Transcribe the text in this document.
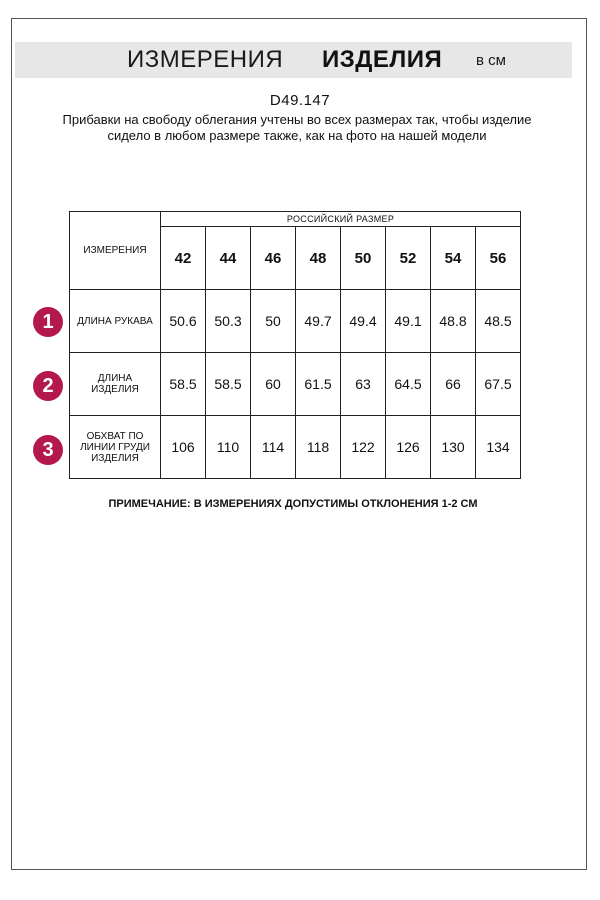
ИЗМЕРЕНИЯ ИЗДЕЛИЯ в см
D49.147
Прибавки на свободу облегания учтены во всех размерах так, чтобы изделие сидело в любом размере также, как на фото на нашей модели
ИЗМЕРЕНИЯ	РОССИЙСКИЙ РАЗМЕР							
	42	44	46	48	50	52	54	56
ДЛИНА РУКАВА	50.6	50.3	50	49.7	49.4	49.1	48.8	48.5
ДЛИНА ИЗДЕЛИЯ	58.5	58.5	60	61.5	63	64.5	66	67.5
ОБХВАТ ПО ЛИНИИ ГРУДИ ИЗДЕЛИЯ	106	110	114	118	122	126	130	134
1
2
3
ПРИМЕЧАНИЕ: В ИЗМЕРЕНИЯХ ДОПУСТИМЫ ОТКЛОНЕНИЯ 1-2 СМ
